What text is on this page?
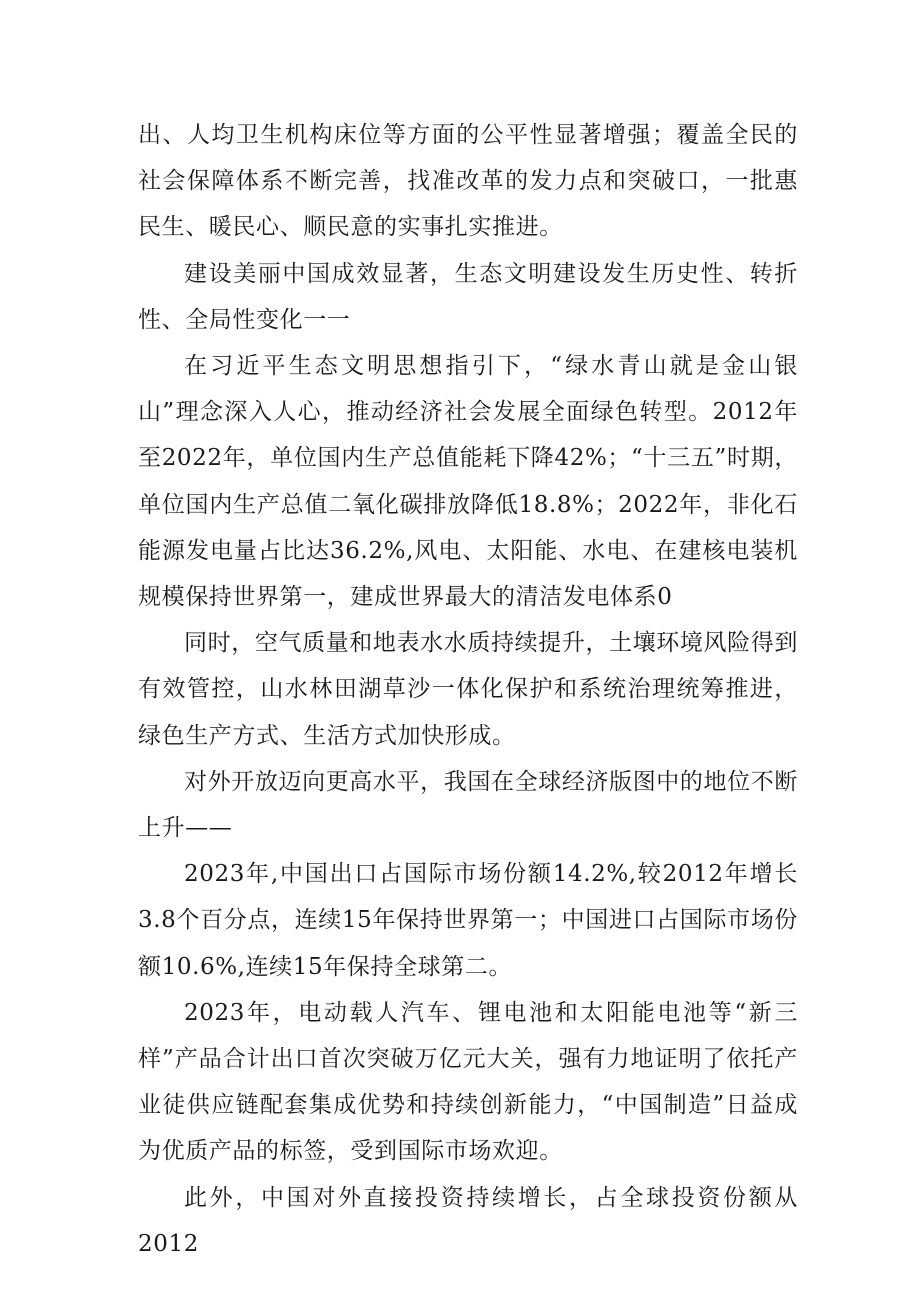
出、人均卫生机构床位等方面的公平性显著增强；覆盖全民的社会保障体系不断完善，找准改革的发力点和突破口，一批惠民生、暖民心、顺民意的实事扎实推进。

建设美丽中国成效显著，生态文明建设发生历史性、转折性、全局性变化一一

在习近平生态文明思想指引下，“绿水青山就是金山银山”理念深入人心，推动经济社会发展全面绿色转型。2012年至2022年，单位国内生产总值能耗下降42%；“十三五”时期，单位国内生产总值二氧化碳排放降低18.8%；2022年，非化石能源发电量占比达36.2%,风电、太阳能、水电、在建核电装机规模保持世界第一，建成世界最大的清洁发电体系0

同时，空气质量和地表水水质持续提升，土壤环境风险得到有效管控，山水林田湖草沙一体化保护和系统治理统筹推进，绿色生产方式、生活方式加快形成。

对外开放迈向更高水平，我国在全球经济版图中的地位不断上升——

2023年,中国出口占国际市场份额14.2%,较2012年增长3.8个百分点，连续15年保持世界第一；中国进口占国际市场份额10.6%,连续15年保持全球第二。

2023年，电动载人汽车、锂电池和太阳能电池等“新三样”产品合计出口首次突破万亿元大关，强有力地证明了依托产业徒供应链配套集成优势和持续创新能力，“中国制造”日益成为优质产品的标签，受到国际市场欢迎。

此外，中国对外直接投资持续增长，占全球投资份额从2012
